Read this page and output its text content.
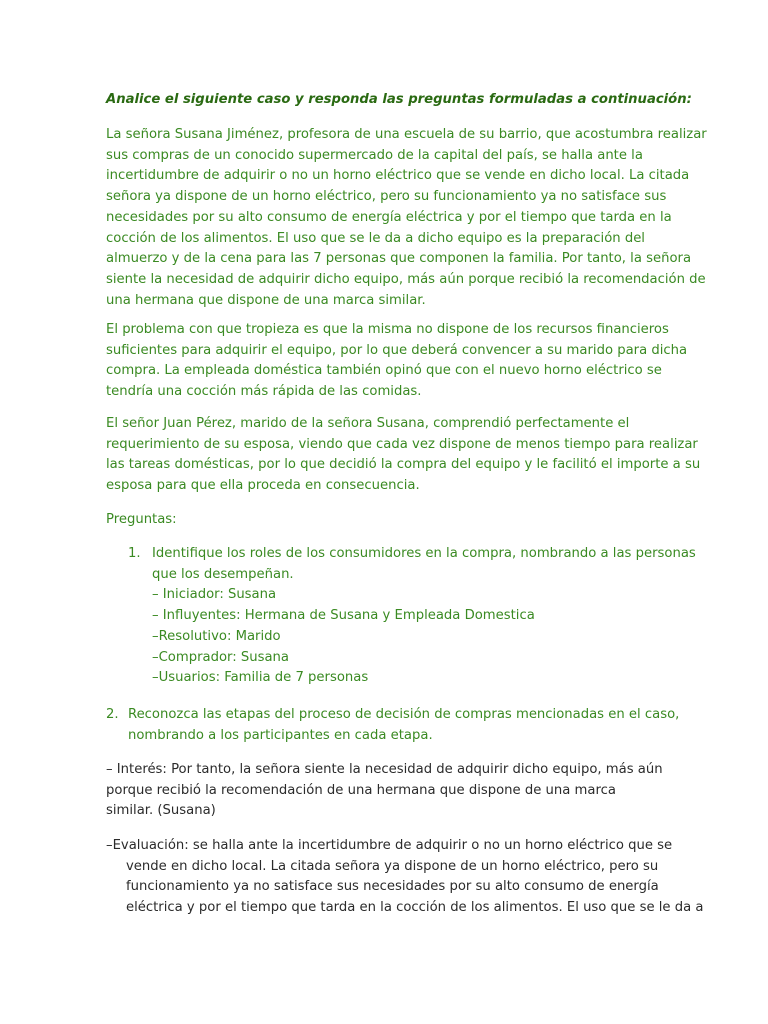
Analice el siguiente caso y responda las preguntas formuladas a continuación:

La señora Susana Jiménez, profesora de una escuela de su barrio, que acostumbra realizar
sus compras de un conocido supermercado de la capital del país, se halla ante la
incertidumbre de adquirir o no un horno eléctrico que se vende en dicho local. La citada
señora ya dispone de un horno eléctrico, pero su funcionamiento ya no satisface sus
necesidades por su alto consumo de energía eléctrica y por el tiempo que tarda en la
cocción de los alimentos. El uso que se le da a dicho equipo es la preparación del
almuerzo y de la cena para las 7 personas que componen la familia. Por tanto, la señora
siente la necesidad de adquirir dicho equipo, más aún porque recibió la recomendación de
una hermana que dispone de una marca similar.

El problema con que tropieza es que la misma no dispone de los recursos financieros
suficientes para adquirir el equipo, por lo que deberá convencer a su marido para dicha
compra. La empleada doméstica también opinó que con el nuevo horno eléctrico se
tendría una cocción más rápida de las comidas.

El señor Juan Pérez, marido de la señora Susana, comprendió perfectamente el
requerimiento de su esposa, viendo que cada vez dispone de menos tiempo para realizar
las tareas domésticas, por lo que decidió la compra del equipo y le facilitó el importe a su
esposa para que ella proceda en consecuencia.

Preguntas:

1. Identifique los roles de los consumidores en la compra, nombrando a las personas
que los desempeñan.
– Iniciador: Susana
– Influyentes: Hermana de Susana y Empleada Domestica
–Resolutivo: Marido
–Comprador: Susana
–Usuarios: Familia de 7 personas
2. Reconozca las etapas del proceso de decisión de compras mencionadas en el caso,
nombrando a los participantes en cada etapa.

– Interés: Por tanto, la señora siente la necesidad de adquirir dicho equipo, más aún
porque recibió la recomendación de una hermana que dispone de una marca
similar. (Susana)

–Evaluación: se halla ante la incertidumbre de adquirir o no un horno eléctrico que se
vende en dicho local. La citada señora ya dispone de un horno eléctrico, pero su
funcionamiento ya no satisface sus necesidades por su alto consumo de energía
eléctrica y por el tiempo que tarda en la cocción de los alimentos. El uso que se le da a
